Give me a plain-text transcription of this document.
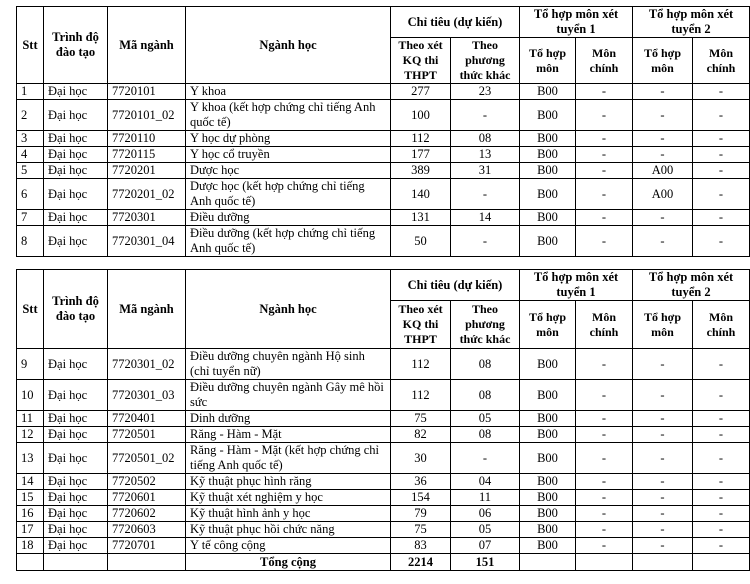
Stt	Trình độ đào tạo	Mã ngành	Ngành học	Chỉ tiêu (dự kiến)		Tổ hợp môn xét tuyển 1		Tổ hợp môn xét tuyển 2	
				Theo xét KQ thi THPT	Theo phương thức khác	Tổ hợp môn	Môn chính	Tổ hợp môn	Môn chính
1	Đại học	7720101	Y khoa	277	23	B00	-	-	-
2	Đại học	7720101_02	Y khoa (kết hợp chứng chỉ tiếng Anh quốc tế)	100	-	B00	-	-	-
3	Đại học	7720110	Y học dự phòng	112	08	B00	-	-	-
4	Đại học	7720115	Y học cổ truyền	177	13	B00	-	-	-
5	Đại học	7720201	Dược học	389	31	B00	-	A00	-
6	Đại học	7720201_02	Dược học (kết hợp chứng chỉ tiếng Anh quốc tế)	140	-	B00	-	A00	-
7	Đại học	7720301	Điều dưỡng	131	14	B00	-	-	-
8	Đại học	7720301_04	Điều dưỡng (kết hợp chứng chỉ tiếng Anh quốc tế)	50	-	B00	-	-	-
Stt	Trình độ đào tạo	Mã ngành	Ngành học	Chỉ tiêu (dự kiến)		Tổ hợp môn xét tuyển 1		Tổ hợp môn xét tuyển 2	
				Theo xét KQ thi THPT	Theo phương thức khác	Tổ hợp môn	Môn chính	Tổ hợp môn	Môn chính
9	Đại học	7720301_02	Điều dưỡng chuyên ngành Hộ sinh (chỉ tuyển nữ)	112	08	B00	-	-	-
10	Đại học	7720301_03	Điều dưỡng chuyên ngành Gây mê hồi sức	112	08	B00	-	-	-
11	Đại học	7720401	Dinh dưỡng	75	05	B00	-	-	-
12	Đại học	7720501	Răng - Hàm - Mặt	82	08	B00	-	-	-
13	Đại học	7720501_02	Răng - Hàm - Mặt (kết hợp chứng chỉ tiếng Anh quốc tế)	30	-	B00	-	-	-
14	Đại học	7720502	Kỹ thuật phục hình răng	36	04	B00	-	-	-
15	Đại học	7720601	Kỹ thuật xét nghiệm y học	154	11	B00	-	-	-
16	Đại học	7720602	Kỹ thuật hình ảnh y học	79	06	B00	-	-	-
17	Đại học	7720603	Kỹ thuật phục hồi chức năng	75	05	B00	-	-	-
18	Đại học	7720701	Y tế công cộng	83	07	B00	-	-	-
			Tổng cộng	2214	151				
